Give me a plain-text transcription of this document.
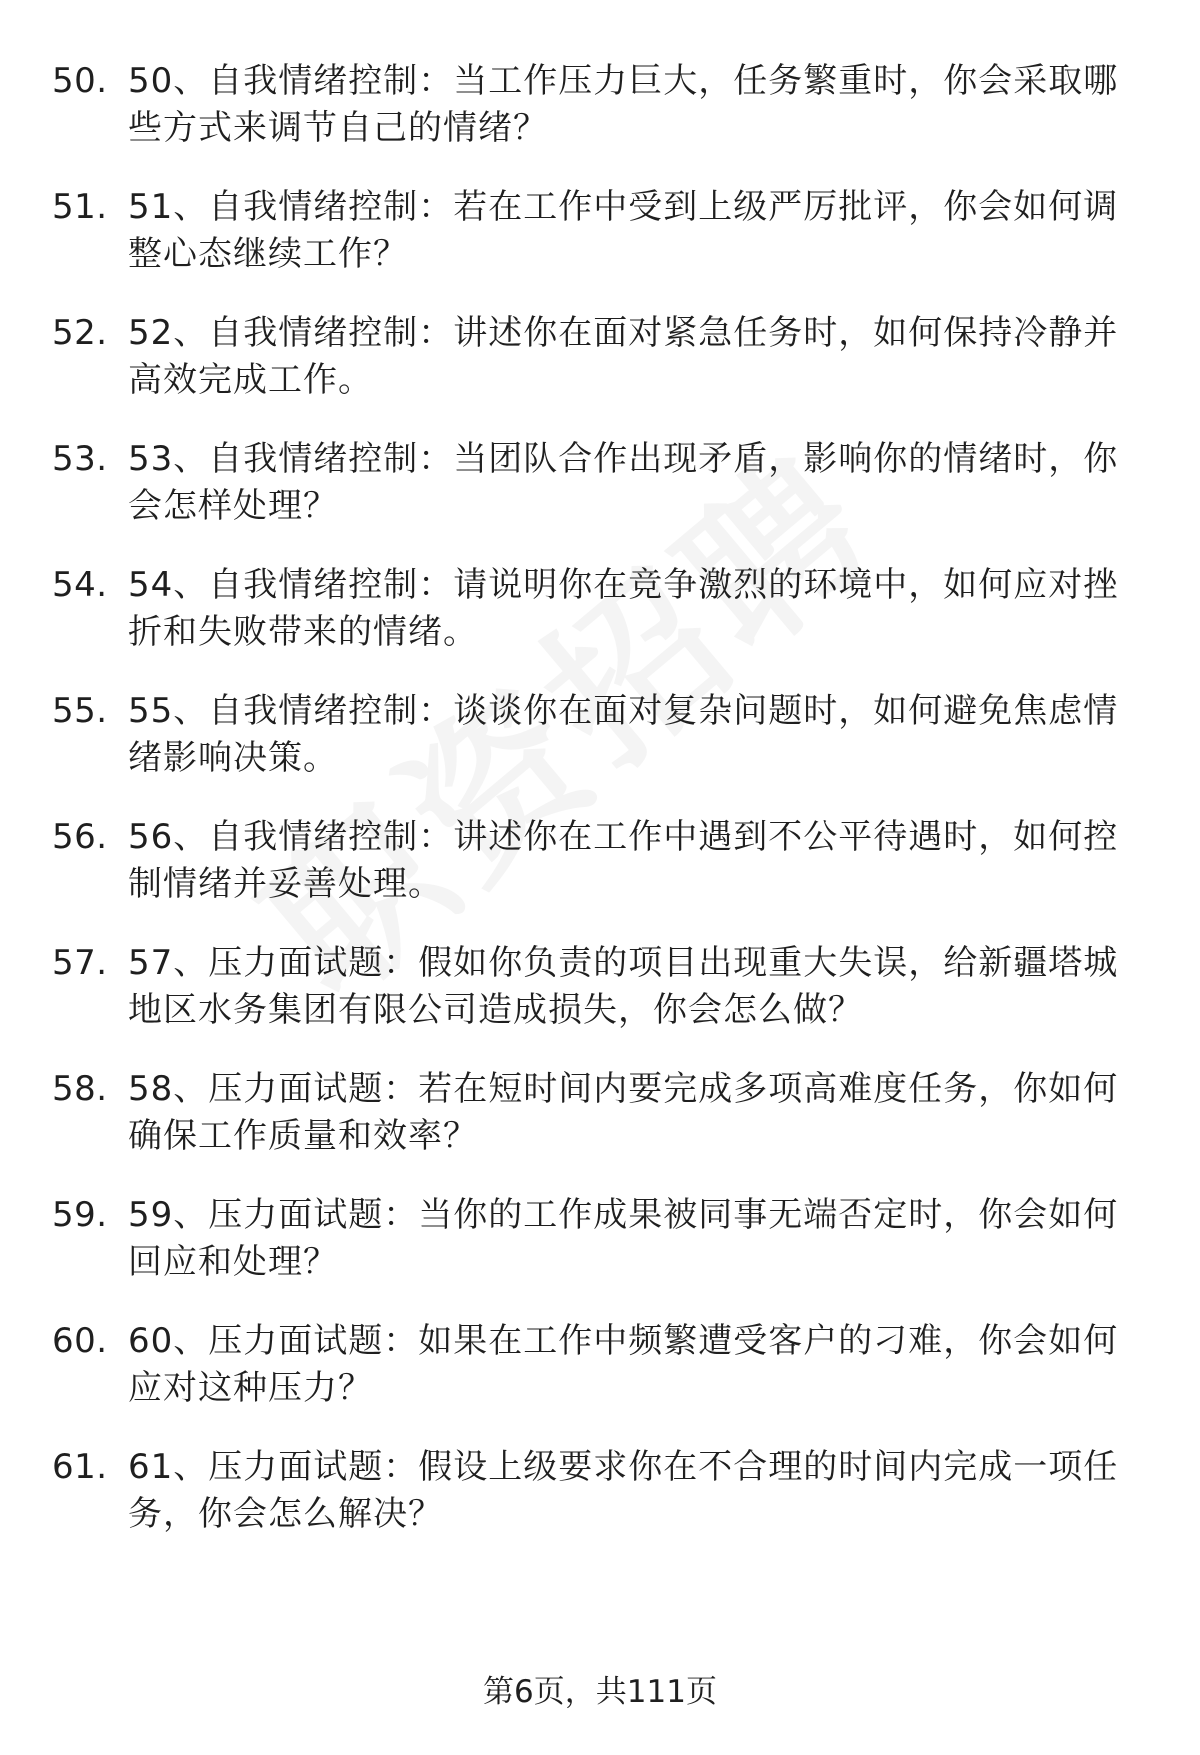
50. 50、自我情绪控制：当工作压力巨大，任务繁重时，你会采取哪些方式来调节自己的情绪？
51. 51、自我情绪控制：若在工作中受到上级严厉批评，你会如何调整心态继续工作？
52. 52、自我情绪控制：讲述你在面对紧急任务时，如何保持冷静并高效完成工作。
53. 53、自我情绪控制：当团队合作出现矛盾，影响你的情绪时，你会怎样处理？
54. 54、自我情绪控制：请说明你在竞争激烈的环境中，如何应对挫折和失败带来的情绪。
55. 55、自我情绪控制：谈谈你在面对复杂问题时，如何避免焦虑情绪影响决策。
56. 56、自我情绪控制：讲述你在工作中遇到不公平待遇时，如何控制情绪并妥善处理。
57. 57、压力面试题：假如你负责的项目出现重大失误，给新疆塔城地区水务集团有限公司造成损失，你会怎么做？
58. 58、压力面试题：若在短时间内要完成多项高难度任务，你如何确保工作质量和效率？
59. 59、压力面试题：当你的工作成果被同事无端否定时，你会如何回应和处理？
60. 60、压力面试题：如果在工作中频繁遭受客户的刁难，你会如何应对这种压力？
61. 61、压力面试题：假设上级要求你在不合理的时间内完成一项任务，你会怎么解决？
第6页，共111页
